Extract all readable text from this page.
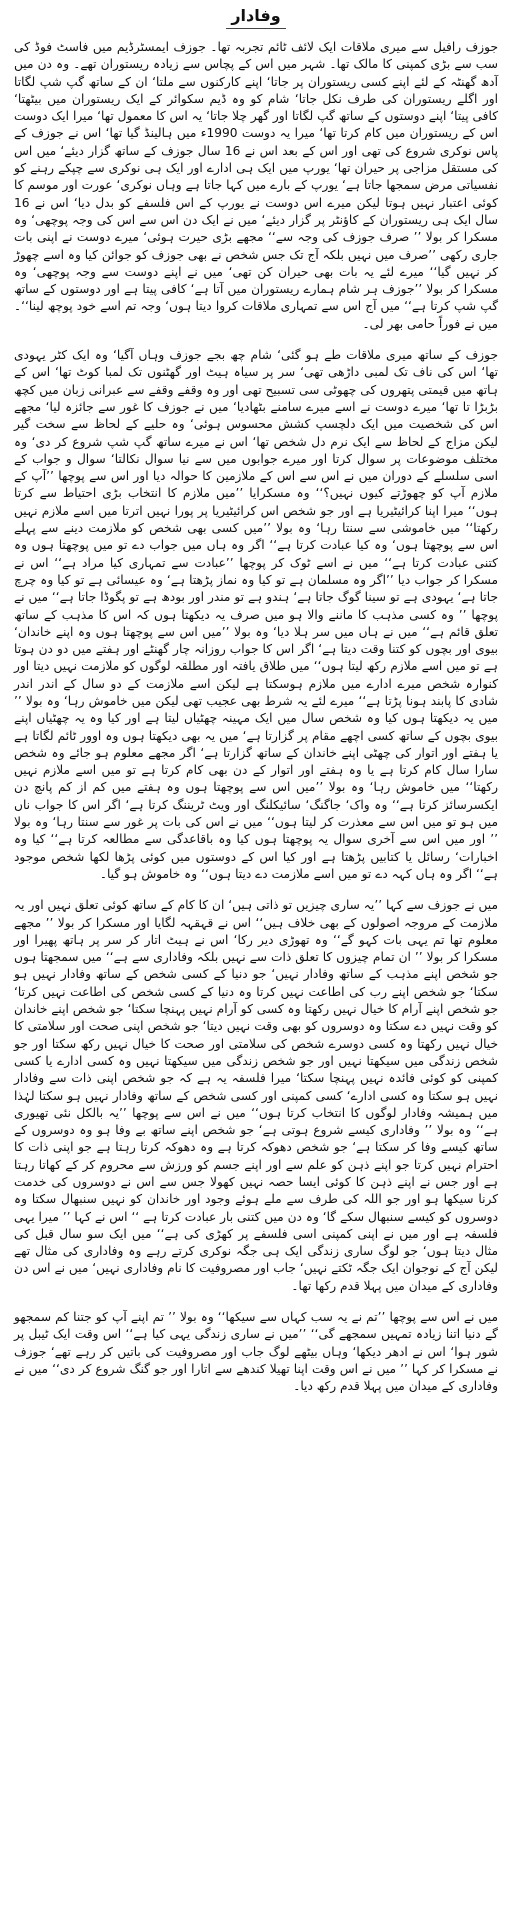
وفادار

جوزف رافیل سے میری ملاقات ایک لائف ٹائم تجربہ تھا۔ جوزف ایمسٹرڈیم میں فاسٹ فوڈ کی سب سے بڑی کمپنی کا مالک تھا۔ شہر میں اس کے پچاس سے زیادہ ریستوران تھے۔ وہ دن میں آدھ گھنٹہ کے لئے اپنے کسی ریستوران پر جاتا‘ اپنے کارکنوں سے ملتا‘ ان کے ساتھ گپ شپ لگاتا اور اگلے ریستوران کی طرف نکل جاتا‘ شام کو وہ ڈیم سکوائر کے ایک ریستوران میں بیٹھتا‘ کافی پیتا‘ اپنے دوستوں کے ساتھ گپ لگاتا اور گھر چلا جاتا‘ یہ اس کا معمول تھا‘ میرا ایک دوست اس کے ریستوران میں کام کرتا تھا‘ میرا یہ دوست 1990ء میں ہالینڈ گیا تھا‘ اس نے جوزف کے پاس نوکری شروع کی تھی اور اس کے بعد اس نے 16 سال جوزف کے ساتھ گزار دیئے‘ میں اس کی مستقل مزاجی پر حیران تھا‘ یورپ میں ایک ہی ادارے اور ایک ہی نوکری سے چپکے رہنے کو نفسیاتی مرض سمجھا جاتا ہے‘ یورپ کے بارے میں کہا جاتا ہے وہاں نوکری‘ عورت اور موسم کا کوئی اعتبار نہیں ہوتا لیکن میرے اس دوست نے یورپ کے اس فلسفے کو بدل دیا‘ اس نے 16 سال ایک ہی ریستوران کے کاؤنٹر پر گزار دیئے‘ میں نے ایک دن اس سے اس کی وجہ پوچھی‘ وہ مسکرا کر بولا ’’ صرف جوزف کی وجہ سے‘‘ مجھے بڑی حیرت ہوئی‘ میرے دوست نے اپنی بات جاری رکھی ’’صرف میں نہیں بلکہ آج تک جس شخص نے بھی جوزف کو جوائن کیا وہ اسے چھوڑ کر نہیں گیا‘‘ میرے لئے یہ بات بھی حیران کن تھی‘ میں نے اپنے دوست سے وجہ پوچھی‘ وہ مسکرا کر بولا ’’جوزف ہر شام ہمارے ریستوران میں آتا ہے‘ کافی پیتا ہے اور دوستوں کے ساتھ گپ شپ کرتا ہے‘‘ میں آج اس سے تمہاری ملاقات کروا دیتا ہوں‘ وجہ تم اسے خود پوچھ لینا‘‘۔ میں نے فوراً حامی بھر لی۔

جوزف کے ساتھ میری ملاقات طے ہو گئی‘ شام چھ بجے جوزف وہاں آگیا‘ وہ ایک کٹر یہودی تھا‘ اس کی ناف تک لمبی داڑھی تھی‘ سر پر سیاہ ہیٹ اور گھٹنوں تک لمبا کوٹ تھا‘ اس کے ہاتھ میں قیمتی پتھروں کی چھوٹی سی تسبیح تھی اور وہ وقفے وقفے سے عبرانی زبان میں کچھ بڑبڑا تا تھا‘ میرے دوست نے اسے میرے سامنے بٹھادیا‘ میں نے جوزف کا غور سے جائزہ لیا‘ مجھے اس کی شخصیت میں ایک دلچسپ کشش محسوس ہوئی‘ وہ حلیے کے لحاظ سے سخت گیر لیکن مزاج کے لحاظ سے ایک نرم دل شخص تھا‘ اس نے میرے ساتھ گپ شپ شروع کر دی‘ وہ مختلف موضوعات پر سوال کرتا اور میرے جوابوں میں سے نیا سوال نکالتا‘ سوال و جواب کے اسی سلسلے کے دوران میں نے اس سے اس کے ملازمین کا حوالہ دیا اور اس سے پوچھا ’’آپ کے ملازم آپ کو چھوڑتے کیوں نہیں؟‘‘ وہ مسکرایا ’’میں ملازم کا انتخاب بڑی احتیاط سے کرتا ہوں‘‘ میرا اپنا کرائیٹیریا ہے اور جو شخص اس کرائیٹیریا پر پورا نہیں اترتا میں اسے ملازم نہیں رکھتا‘‘ میں خاموشی سے سنتا رہا‘ وہ بولا ’’میں کسی بھی شخص کو ملازمت دینے سے پہلے اس سے پوچھتا ہوں‘ وہ کیا عبادت کرتا ہے‘‘ اگر وہ ہاں میں جواب دے تو میں پوچھتا ہوں وہ کتنی عبادت کرتا ہے‘‘ میں نے اسے ٹوک کر پوچھا ’’عبادت سے تمہاری کیا مراد ہے‘‘ اس نے مسکرا کر جواب دیا ’’اگر وہ مسلمان ہے تو کیا وہ نماز پڑھتا ہے‘ وہ عیسائی ہے تو کیا وہ چرچ جاتا ہے‘ یہودی ہے تو سینا گوگ جاتا ہے‘ ہندو ہے تو مندر اور بودھ ہے تو پگوڈا جاتا ہے‘‘ میں نے پوچھا ’’ وہ کسی مذہب کا ماننے والا ہو میں صرف یہ دیکھتا ہوں کہ اس کا مذہب کے ساتھ تعلق قائم ہے‘‘ میں نے ہاں میں سر ہلا دیا‘ وہ بولا ’’میں اس سے پوچھتا ہوں وہ اپنے خاندان‘ بیوی اور بچوں کو کتنا وقت دیتا ہے‘ اگر اس کا جواب روزانہ چار گھنٹے اور ہفتے میں دو دن ہوتا ہے تو میں اسے ملازم رکھ لیتا ہوں‘‘ میں طلاق یافتہ اور مطلقہ لوگوں کو ملازمت نہیں دیتا اور کنوارہ شخص میرے ادارے میں ملازم ہوسکتا ہے لیکن اسے ملازمت کے دو سال کے اندر اندر شادی کا پابند ہونا پڑتا ہے‘‘ میرے لئے یہ شرط بھی عجیب تھی لیکن میں خاموش رہا‘ وہ بولا ’’ میں یہ دیکھتا ہوں کیا وہ شخص سال میں ایک مہینہ چھٹیاں لیتا ہے اور کیا وہ یہ چھٹیاں اپنے بیوی بچوں کے ساتھ کسی اچھے مقام پر گزارتا ہے‘ میں یہ بھی دیکھتا ہوں وہ اوور ٹائم لگاتا ہے یا ہفتے اور اتوار کی چھٹی اپنے خاندان کے ساتھ گزارتا ہے‘ اگر مجھے معلوم ہو جائے وہ شخص سارا سال کام کرتا ہے یا وہ ہفتے اور اتوار کے دن بھی کام کرتا ہے تو میں اسے ملازم نہیں رکھتا‘‘ میں خاموش رہا‘ وہ بولا ’’میں اس سے پوچھتا ہوں وہ ہفتے میں کم از کم پانچ دن ایکسرسائز کرتا ہے‘‘ وہ واک‘ جاگنگ‘ سائیکلنگ اور ویٹ ٹریننگ کرتا ہے‘ اگر اس کا جواب ناں میں ہو تو میں اس سے معذرت کر لیتا ہوں‘‘ میں نے اس کی بات پر غور سے سنتا رہا‘ وہ بولا ’’ اور میں اس سے آخری سوال یہ پوچھتا ہوں کیا وہ باقاعدگی سے مطالعہ کرتا ہے‘‘ کیا وہ اخبارات‘ رسائل یا کتابیں پڑھتا ہے اور کیا اس کے دوستوں میں کوئی پڑھا لکھا شخص موجود ہے‘‘ اگر وہ ہاں کہہ دے تو میں اسے ملازمت دے دیتا ہوں‘‘ وہ خاموش ہو گیا۔

میں نے جوزف سے کہا ’’یہ ساری چیزیں تو ذاتی ہیں‘ ان کا کام کے ساتھ کوئی تعلق نہیں اور یہ ملازمت کے مروجہ اصولوں کے بھی خلاف ہیں‘‘ اس نے قہقہہ لگایا اور مسکرا کر بولا ’’ مجھے معلوم تھا تم یہی بات کہو گے‘‘ وہ تھوڑی دیر رکا‘ اس نے ہیٹ اتار کر سر پر ہاتھ پھیرا اور مسکرا کر بولا ’’ ان تمام چیزوں کا تعلق ذات سے نہیں بلکہ وفاداری سے ہے‘‘ میں سمجھتا ہوں جو شخص اپنے مذہب کے ساتھ وفادار نہیں‘ جو دنیا کے کسی شخص کے ساتھ وفادار نہیں ہو سکتا‘ جو شخص اپنے رب کی اطاعت نہیں کرتا وہ دنیا کے کسی شخص کی اطاعت نہیں کرتا‘ جو شخص اپنے آرام کا خیال نہیں رکھتا وہ کسی کو آرام نہیں پہنچا سکتا‘ جو شخص اپنے خاندان کو وقت نہیں دے سکتا وہ دوسروں کو بھی وقت نہیں دیتا‘ جو شخص اپنی صحت اور سلامتی کا خیال نہیں رکھتا وہ کسی دوسرے شخص کی سلامتی اور صحت کا خیال نہیں رکھ سکتا اور جو شخص زندگی میں سیکھتا نہیں اور جو شخص زندگی میں سیکھتا نہیں وہ کسی ادارے یا کسی کمپنی کو کوئی فائدہ نہیں پہنچا سکتا‘ میرا فلسفہ یہ ہے کہ جو شخص اپنی ذات سے وفادار نہیں ہو سکتا وہ کسی ادارے‘ کسی کمپنی اور کسی شخص کے ساتھ وفادار نہیں ہو سکتا لہٰذا میں ہمیشہ وفادار لوگوں کا انتخاب کرتا ہوں‘‘ میں نے اس سے پوچھا ’’یہ بالکل نئی تھیوری ہے‘‘ وہ بولا ’’ وفاداری کیسے شروع ہوتی ہے‘ جو شخص اپنے ساتھ بے وفا ہو وہ دوسروں کے ساتھ کیسے وفا کر سکتا ہے‘ جو شخص دھوکہ کرتا ہے وہ دھوکہ کرتا رہتا ہے جو اپنی ذات کا احترام نہیں کرتا جو اپنے ذہن کو علم سے اور اپنے جسم کو ورزش سے محروم کر کے کھاتا رہتا ہے اور جس نے اپنے ذہن کا کوئی ایسا حصہ نہیں کھولا جس سے اس نے دوسروں کی خدمت کرنا سیکھا ہو اور جو اللہ کی طرف سے ملے ہوئے وجود اور خاندان کو نہیں سنبھال سکتا وہ دوسروں کو کیسے سنبھال سکے گا‘ وہ دن میں کتنی بار عبادت کرتا ہے ‘‘ اس نے کہا ’’ میرا یہی فلسفہ ہے اور میں نے اپنی کمپنی اسی فلسفے پر کھڑی کی ہے‘‘ میں ایک سو سال قبل کی مثال دیتا ہوں‘ جو لوگ ساری زندگی ایک ہی جگہ نوکری کرتے رہے وہ وفاداری کی مثال تھے لیکن آج کے نوجوان ایک جگہ ٹکتے نہیں‘ جاب اور مصروفیت کا نام وفاداری نہیں‘ میں نے اس دن وفاداری کے میدان میں پہلا قدم رکھا تھا۔

میں نے اس سے پوچھا ’’تم نے یہ سب کہاں سے سیکھا‘‘ وہ بولا ’’ تم اپنے آپ کو جتنا کم سمجھو گے دنیا اتنا زیادہ تمہیں سمجھے گی‘‘ ’’میں نے ساری زندگی یہی کیا ہے‘‘ اس وقت ایک ٹیبل پر شور ہوا‘ اس نے ادھر دیکھا‘ وہاں بیٹھے لوگ جاب اور مصروفیت کی باتیں کر رہے تھے‘ جوزف نے مسکرا کر کہا ’’ میں نے اس وقت اپنا تھیلا کندھے سے اتارا اور جو گنگ شروع کر دی‘‘ میں نے وفاداری کے میدان میں پہلا قدم رکھ دیا۔
